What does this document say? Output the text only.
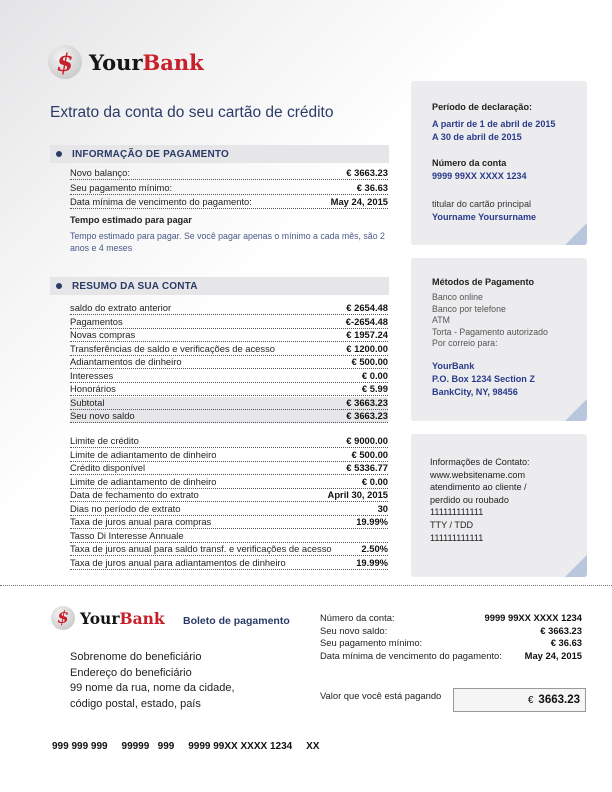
$ YourBank
Extrato da conta do seu cartão de crédito
INFORMAÇÃO DE PAGAMENTO
Novo balanço:	€ 3663.23
Seu pagamento mínimo:	€ 36.63
Data mínima de vencimento do pagamento:	May 24, 2015
Tempo estimado para pagar
Tempo estimado para pagar. Se você pagar apenas o mínimo a cada mês, são 2 anos e 4 meses
RESUMO DA SUA CONTA
saldo do extrato anterior	€ 2654.48
Pagamentos	€-2654.48
Novas compras	€ 1957.24
Transferências de saldo e verificações de acesso	€ 1200.00
Adiantamentos de dinheiro	€ 500.00
Interesses	€ 0.00
Honorários	€ 5.99
Subtotal	€ 3663.23
Seu novo saldo	€ 3663.23
Limite de crédito	€ 9000.00
Limite de adiantamento de dinheiro	€ 500.00
Crédito disponível	€ 5336.77
Limite de adiantamento de dinheiro	€ 0.00
Data de fechamento do extrato	April 30, 2015
Dias no período de extrato	30
Taxa de juros anual para compras	19.99%
Tasso Di Interesse Annuale
Taxa de juros anual para saldo transf. e verificações de acesso	2.50%
Taxa de juros anual para adiantamentos de dinheiro	19.99%
Período de declaração:
A partir de 1 de abril de 2015
A 30 de abril de 2015
Número da conta
9999 99XX XXXX 1234
titular do cartão principal
Yourname Yoursurname
Métodos de Pagamento
Banco online
Banco por telefone
ATM
Torta - Pagamento autorizado
Por correio para:
YourBank
P.O. Box 1234 Section Z
BankCity, NY, 98456
Informações de Contato:
www.websitename.com
atendimento ao cliente /
perdido ou roubado
111111111111
TTY / TDD
111111111111
$ YourBank Boleto de pagamento
Sobrenome do beneficiário
Endereço do beneficiário
99 nome da rua, nome da cidade,
código postal, estado, país
Número da conta:	9999 99XX XXXX 1234
Seu novo saldo:	€ 3663.23
Seu pagamento mínimo:	€ 36.63
Data mínima de vencimento do pagamento: May 24, 2015
Valor que você está pagando	€ 3663.23
999 999 999     99999   999     9999 99XX XXXX 1234     XX
